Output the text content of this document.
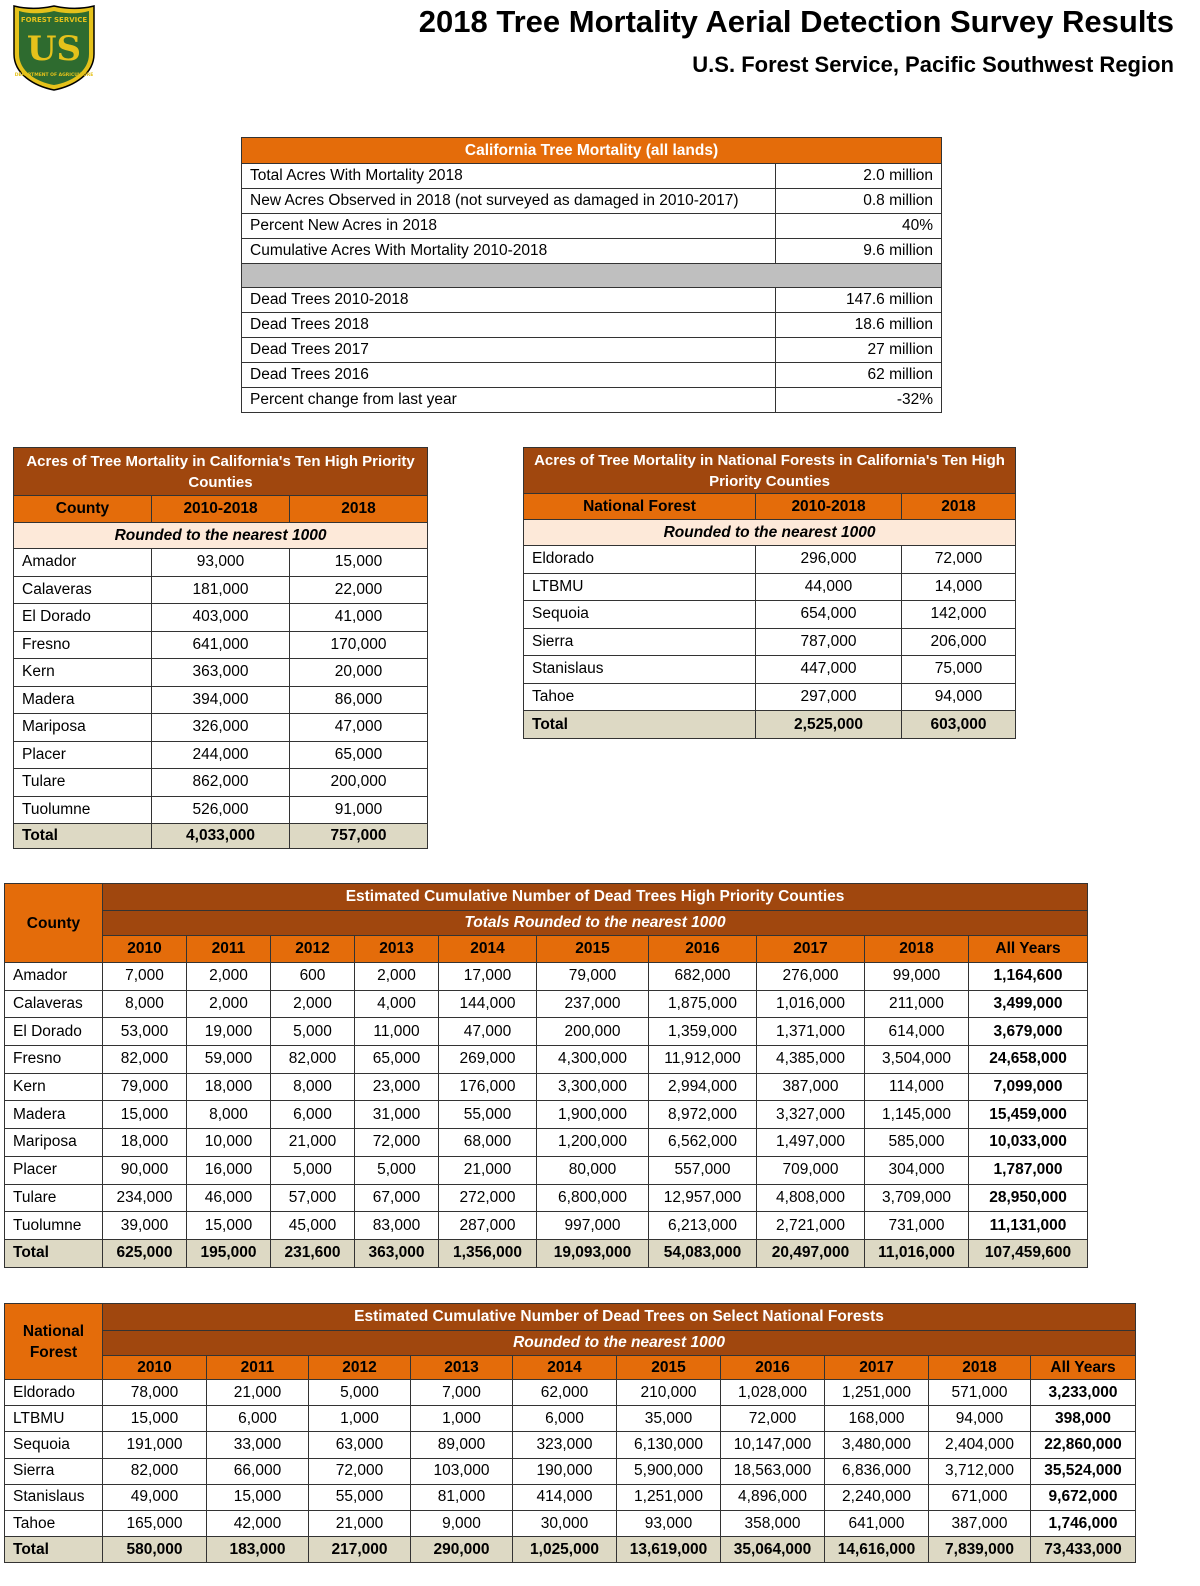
FOREST SERVICE
US
DEPARTMENT OF AGRICULTURE
2018 Tree Mortality Aerial Detection Survey Results
U.S. Forest Service, Pacific Southwest Region
California Tree Mortality (all lands)	
Total Acres With Mortality 2018	2.0 million
New Acres Observed in 2018 (not surveyed as damaged in 2010-2017)	0.8 million
Percent New Acres in 2018	40%
Cumulative Acres With Mortality 2010-2018	9.6 million

Dead Trees 2010-2018	147.6 million
Dead Trees 2018	18.6 million
Dead Trees 2017	27 million
Dead Trees 2016	62 million
Percent change from last year	-32%
Acres of Tree Mortality in California's Ten High Priority Counties		
County	2010-2018	2018
Rounded to the nearest 1000		
Amador	93,000	15,000
Calaveras	181,000	22,000
El Dorado	403,000	41,000
Fresno	641,000	170,000
Kern	363,000	20,000
Madera	394,000	86,000
Mariposa	326,000	47,000
Placer	244,000	65,000
Tulare	862,000	200,000
Tuolumne	526,000	91,000
Total	4,033,000	757,000
Acres of Tree Mortality in National Forests in California's Ten High Priority Counties		
National Forest	2010-2018	2018
Rounded to the nearest 1000		
Eldorado	296,000	72,000
LTBMU	44,000	14,000
Sequoia	654,000	142,000
Sierra	787,000	206,000
Stanislaus	447,000	75,000
Tahoe	297,000	94,000
Total	2,525,000	603,000
County	Estimated Cumulative Number of Dead Trees High Priority Counties									
	Totals Rounded to the nearest 1000									
	2010	2011	2012	2013	2014	2015	2016	2017	2018	All Years
Amador	7,000	2,000	600	2,000	17,000	79,000	682,000	276,000	99,000	1,164,600
Calaveras	8,000	2,000	2,000	4,000	144,000	237,000	1,875,000	1,016,000	211,000	3,499,000
El Dorado	53,000	19,000	5,000	11,000	47,000	200,000	1,359,000	1,371,000	614,000	3,679,000
Fresno	82,000	59,000	82,000	65,000	269,000	4,300,000	11,912,000	4,385,000	3,504,000	24,658,000
Kern	79,000	18,000	8,000	23,000	176,000	3,300,000	2,994,000	387,000	114,000	7,099,000
Madera	15,000	8,000	6,000	31,000	55,000	1,900,000	8,972,000	3,327,000	1,145,000	15,459,000
Mariposa	18,000	10,000	21,000	72,000	68,000	1,200,000	6,562,000	1,497,000	585,000	10,033,000
Placer	90,000	16,000	5,000	5,000	21,000	80,000	557,000	709,000	304,000	1,787,000
Tulare	234,000	46,000	57,000	67,000	272,000	6,800,000	12,957,000	4,808,000	3,709,000	28,950,000
Tuolumne	39,000	15,000	45,000	83,000	287,000	997,000	6,213,000	2,721,000	731,000	11,131,000
Total	625,000	195,000	231,600	363,000	1,356,000	19,093,000	54,083,000	20,497,000	11,016,000	107,459,600
National Forest	Estimated Cumulative Number of Dead Trees on Select National Forests									
	Rounded to the nearest 1000									
	2010	2011	2012	2013	2014	2015	2016	2017	2018	All Years
Eldorado	78,000	21,000	5,000	7,000	62,000	210,000	1,028,000	1,251,000	571,000	3,233,000
LTBMU	15,000	6,000	1,000	1,000	6,000	35,000	72,000	168,000	94,000	398,000
Sequoia	191,000	33,000	63,000	89,000	323,000	6,130,000	10,147,000	3,480,000	2,404,000	22,860,000
Sierra	82,000	66,000	72,000	103,000	190,000	5,900,000	18,563,000	6,836,000	3,712,000	35,524,000
Stanislaus	49,000	15,000	55,000	81,000	414,000	1,251,000	4,896,000	2,240,000	671,000	9,672,000
Tahoe	165,000	42,000	21,000	9,000	30,000	93,000	358,000	641,000	387,000	1,746,000
Total	580,000	183,000	217,000	290,000	1,025,000	13,619,000	35,064,000	14,616,000	7,839,000	73,433,000
